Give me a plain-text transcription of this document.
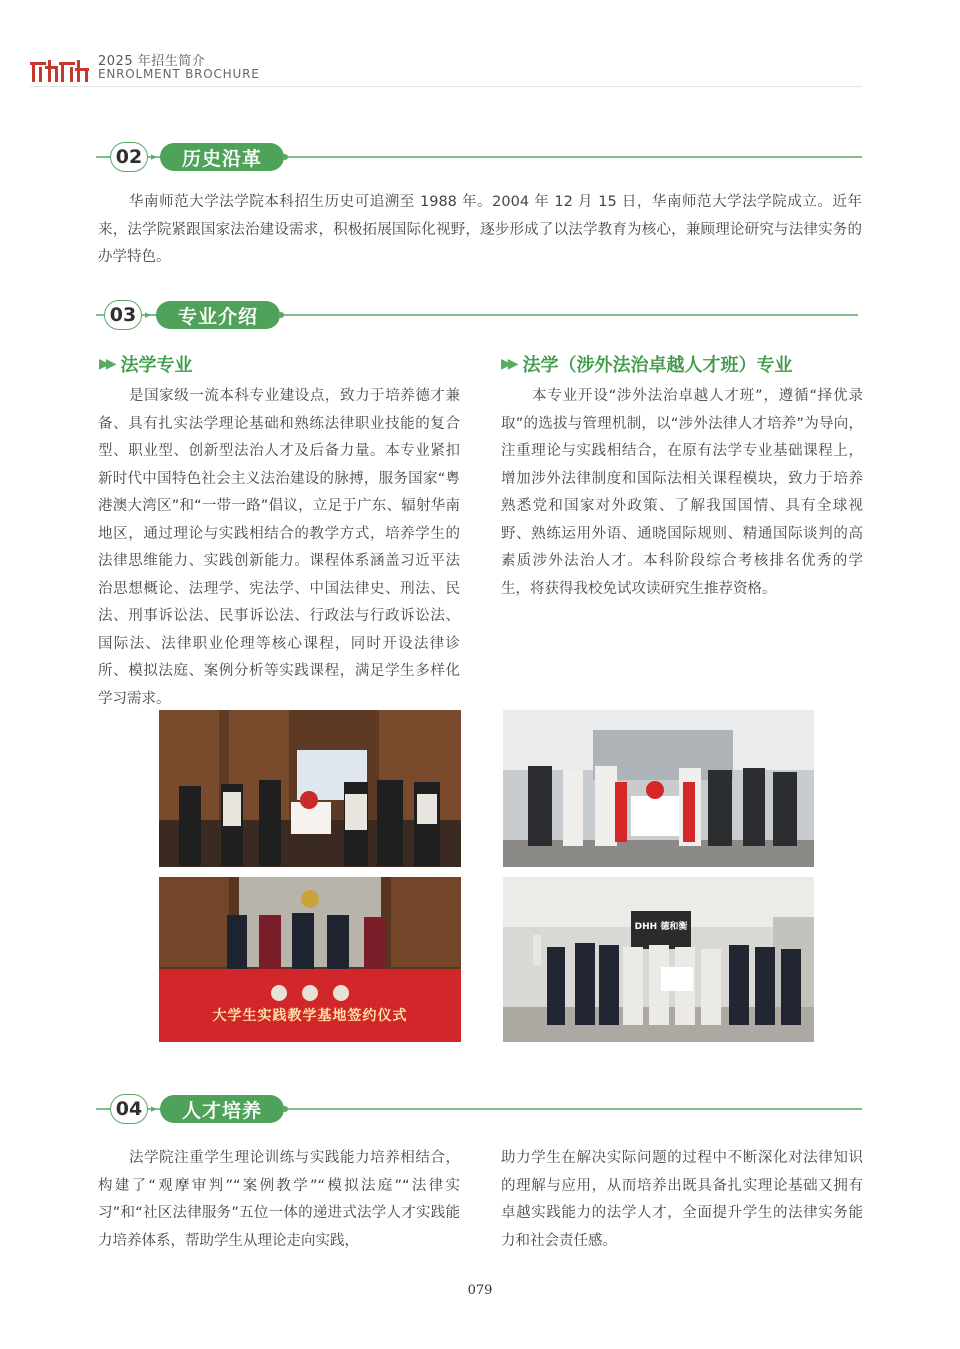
2025 年招生简介
ENROLMENT BROCHURE
02 ▸	历史沿革
华南师范大学法学院本科招生历史可追溯至 1988 年。2004 年 12 月 15 日，华南师范大学法学院成立。近年来，法学院紧跟国家法治建设需求，积极拓展国际化视野，逐步形成了以法学教育为核心，兼顾理论研究与法律实务的办学特色。
03 ▸	专业介绍
▶▶ 法学专业
是国家级一流本科专业建设点，致力于培养德才兼备、具有扎实法学理论基础和熟练法律职业技能的复合型、职业型、创新型法治人才及后备力量。本专业紧扣新时代中国特色社会主义法治建设的脉搏，服务国家“粤港澳大湾区”和“一带一路”倡议，立足于广东、辐射华南地区，通过理论与实践相结合的教学方式，培养学生的法律思维能力、实践创新能力。课程体系涵盖习近平法治思想概论、法理学、宪法学、中国法律史、刑法、民法、刑事诉讼法、民事诉讼法、行政法与行政诉讼法、国际法、法律职业伦理等核心课程，同时开设法律诊所、模拟法庭、案例分析等实践课程，满足学生多样化学习需求。
▶▶ 法学（涉外法治卓越人才班）专业
本专业开设“涉外法治卓越人才班”，遵循“择优录取”的选拔与管理机制，以“涉外法律人才培养”为导向，注重理论与实践相结合，在原有法学专业基础课程上，增加涉外法律制度和国际法相关课程模块，致力于培养熟悉党和国家对外政策、了解我国国情、具有全球视野、熟练运用外语、通晓国际规则、精通国际谈判的高素质涉外法治人才。本科阶段综合考核排名优秀的学生，将获得我校免试攻读研究生推荐资格。
大学生实践教学基地签约仪式
DHH 德和衡
04 ▸	人才培养
法学院注重学生理论训练与实践能力培养相结合，构建了“观摩审判”“案例教学”“模拟法庭”“法律实习”和“社区法律服务”五位一体的递进式法学人才实践能力培养体系，帮助学生从理论走向实践，
助力学生在解决实际问题的过程中不断深化对法律知识的理解与应用，从而培养出既具备扎实理论基础又拥有卓越实践能力的法学人才，全面提升学生的法律实务能力和社会责任感。
079
